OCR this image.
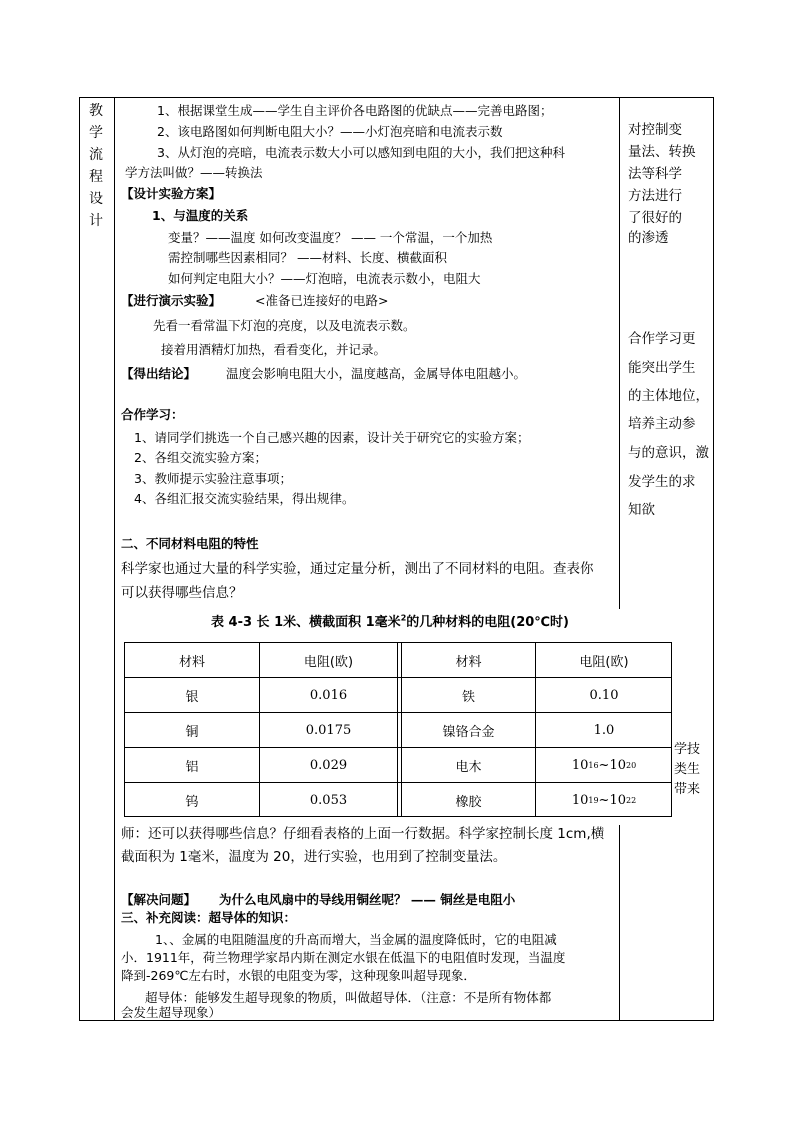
教
学
流
程
设
计
1、根据课堂生成——学生自主评价各电路图的优缺点——完善电路图；
2、该电路图如何判断电阻大小？——小灯泡亮暗和电流表示数
3、从灯泡的亮暗，电流表示数大小可以感知到电阻的大小，我们把这种科
学方法叫做？——转换法
【设计实验方案】
1、与温度的关系
变量？——温度 如何改变温度？ —— 一个常温，一个加热
需控制哪些因素相同？ ——材料、长度、横截面积
如何判定电阻大小？——灯泡暗，电流表示数小，电阻大
【进行演示实验】	<准备已连接好的电路>
先看一看常温下灯泡的亮度，以及电流表示数。
接着用酒精灯加热，看看变化，并记录。
【得出结论】 温度会影响电阻大小，温度越高，金属导体电阻越小。
合作学习：
1、请同学们挑选一个自己感兴趣的因素，设计关于研究它的实验方案；
2、各组交流实验方案；
3、教师提示实验注意事项；
4、各组汇报交流实验结果，得出规律。
二、不同材料电阻的特性
科学家也通过大量的科学实验，通过定量分析，测出了不同材料的电阻。查表你
可以获得哪些信息？
对控制变
量法、转换
法等科学
方法进行
了很好的
的渗透
合作学习更
能突出学生
的主体地位，
培养主动参
与的意识，激
发学生的求
知欲
表 4-3 长 1米、横截面积 1毫米$^2$的几种材料的电阻(20℃时)
材料	电阻(欧)	材料	电阻(欧)
银	0.016	铁	0.10
铜	0.0175	镍铬合金	1.0
铝	0.029	电木	10 16 ~10 20
钨	0.053	橡胶	10 19 ~10 22
学技
类生
带来
师：还可以获得哪些信息？仔细看表格的上面一行数据。科学家控制长度 1cm,横
截面积为 1毫米，温度为 20，进行实验，也用到了控制变量法。
【解决问题】 为什么电风扇中的导线用铜丝呢？ —— 铜丝是电阻小
三、补充阅读：超导体的知识：
1、、金属的电阻随温度的升高而增大，当金属的温度降低时，它的电阻减
小．1911年，荷兰物理学家昂内斯在测定水银在低温下的电阻值时发现，当温度
降到-269℃左右时，水银的电阻变为零，这种现象叫超导现象．
超导体：能够发生超导现象的物质，叫做超导体．（注意：不是所有物体都
会发生超导现象）
